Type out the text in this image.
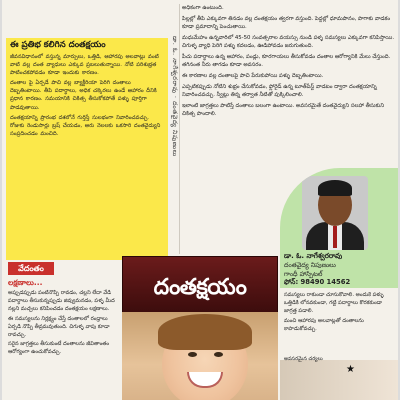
ఈ ప్రతిభ కలిగిన దంతక్షయం

జీవనవిధానంలో వస్తున్న మార్పులు, ఒత్తిడి, ఆహారపు అలవాట్లు వంటి వాటి వల్ల దంత వ్యాధులు ఎక్కువ ప్రబలుతున్నాయి. నోటి పరిశుభ్రత పాటించకపోవడం కూడా ఇందుకు కారణం.

దంతాల పై ఏర్పడే పాచి వల్ల బ్యాక్టీరియా పెరిగి దంతాలు దెబ్బతింటాయి. తీపి పదార్థాలు, అధిక చక్కెరలు ఉండే ఆహారం దీనికి ప్రధాన కారణం. సమయానికి చికిత్స తీసుకోకపోతే పళ్ళు పూర్తిగా పాడవుతాయి.

దంతక్షయాన్ని ప్రారంభ దశలోనే గుర్తిస్తే సులభంగా నివారించవచ్చు. రోజుకు రెండుసార్లు బ్రష్ చేయడం, ఆరు నెలలకు ఒకసారి దంతవైద్యుని సంప్రదించడం మంచిది.	డా. ఓ. నాగేశ్వరరావు · దంతవైద్య నిపుణులు
వేదంతం
లక్షణాలు...

అప్పుడప్పుడు పంటినొప్పి రావడం, చల్లని లేదా వేడి పదార్థాలు తీసుకున్నప్పుడు జివ్వుమనడం, పళ్ళ మీద నల్లని మచ్చలు కనిపించడం దంతక్షయం లక్షణాలు.

ఈ సమస్యలను నిర్లక్ష్యం చేస్తే దంతాలలో రంధ్రాలు ఏర్పడి నొప్పి తీవ్రమవుతుంది. చిగుళ్ళ వాపు కూడా రావచ్చు.

సరైన జాగ్రత్తలు తీసుకుంటే దంతాలను జీవితాంతం ఆరోగ్యంగా ఉంచుకోవచ్చు.

అధికంగా ఉంటుంది.

పిల్లల్లో తీపి ఎక్కువగా తినడం వల్ల దంతక్షయం త్వరగా వస్తుంది. పెద్దల్లో ధూమపానం, పొగాకు వాడకం కూడా ప్రమాదాన్ని పెంచుతాయి.

మధుమేహం ఉన్నవారిలో 45-50 సంవత్సరాల వయస్సు నుండి పళ్ళ సమస్యలు ఎక్కువగా కనిపిస్తాయి. చిగుళ్ళ వ్యాధి పెరిగి పళ్ళు కదలడం, ఊడిపోవడం జరుగుతుంది.

పీచు పదార్థాలు ఉన్న ఆహారం, పండ్లు, కూరగాయలు తీసుకోవడం దంతాల ఆరోగ్యానికి మేలు చేస్తుంది. తగినంత నీరు తాగడం కూడా అవసరం.

ఈ కారణాల వల్ల దంతాలపై పాచి పేరుకుపోయి పళ్ళు దెబ్బతింటాయి.

ఎప్పటికప్పుడు నోటిని శుభ్రం చేసుకోవడం, ఫ్లోరైడ్ ఉన్న టూత్‌పేస్ట్ వాడటం ద్వారా దంతక్షయాన్ని నివారించవచ్చు. స్వీట్లు తిన్న తర్వాత నీటితో పుక్కిలించాలి.

ఇలాంటి జాగ్రత్తలు పాటిస్తే దంతాలు బలంగా ఉంటాయి. అవసరమైతే దంతవైద్యుని సలహా తీసుకుని చికిత్స పొందాలి.

దంతక్షయం
డా. ఓ. నాగేశ్వరరావు
దంతవైద్య నిపుణులు
గాంధీ హాస్పిటల్
ఫోన్: 98490 14562

సమస్యలు రాకుండా చూసుకోవాలి. అందుకే పళ్ళు ఒత్తిడికి లోనవకుండా, గట్టి పదార్థాలు కొరకకుండా జాగ్రత్త పడాలి.

మంచి ఆహారపు అలవాట్లతో దంతాలను కాపాడుకోవచ్చు.

అవసరమైన చర్యలు
★
